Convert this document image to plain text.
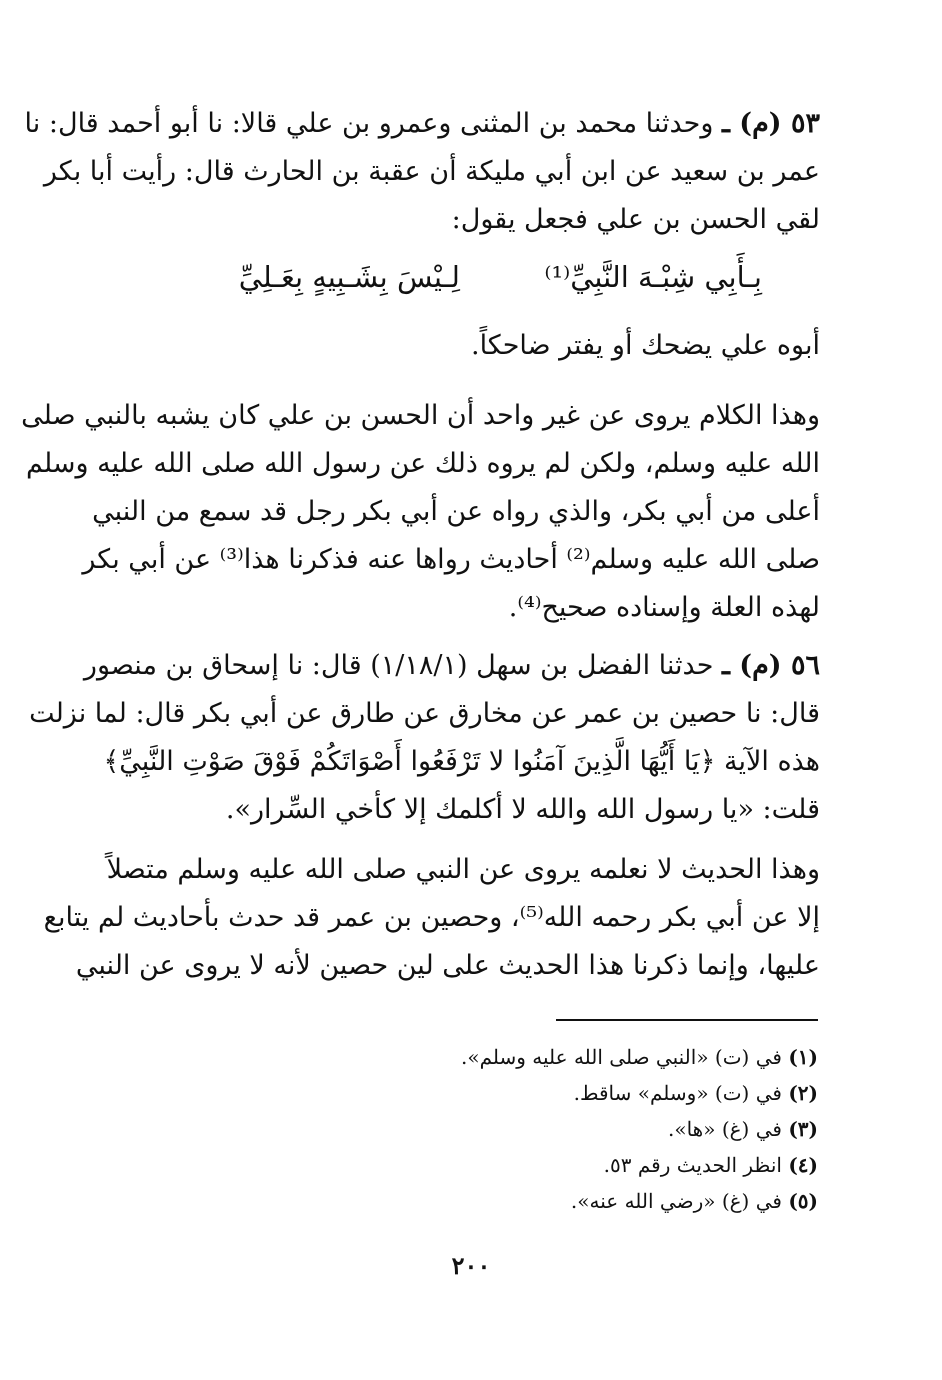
٥٣ (م) ـ وحدثنا محمد بن المثنى وعمرو بن علي قالا: نا أبو أحمد قال: نا
عمر بن سعيد عن ابن أبي مليكة أن عقبة بن الحارث قال: رأيت أبا بكر
لقي الحسن بن علي فجعل يقول:
بِـأَبِي شِبْـهَ النَّبِيِّ⁽¹⁾
لِـيْسَ بِشَـبِيهٍ بِعَـلِيِّ
أبوه علي يضحك أو يفتر ضاحكاً.
وهذا الكلام يروى عن غير واحد أن الحسن بن علي كان يشبه بالنبي صلى
الله عليه وسلم، ولكن لم يروه ذلك عن رسول الله صلى الله عليه وسلم
أعلى من أبي بكر، والذي رواه عن أبي بكر رجل قد سمع من النبي
صلى الله عليه وسلم⁽²⁾ أحاديث رواها عنه فذكرنا هذا⁽³⁾ عن أبي بكر
لهذه العلة وإسناده صحيح⁽⁴⁾.
٥٦ (م) ـ حدثنا الفضل بن سهل (١/١٨/١) قال: نا إسحاق بن منصور
قال: نا حصين بن عمر عن مخارق عن طارق عن أبي بكر قال: لما نزلت
هذه الآية ﴿يَا أَيُّهَا الَّذِينَ آمَنُوا لا تَرْفَعُوا أَصْوَاتَكُمْ فَوْقَ صَوْتِ النَّبِيِّ﴾
قلت: «يا رسول الله والله لا أكلمك إلا كأخي السِّرار».
وهذا الحديث لا نعلمه يروى عن النبي صلى الله عليه وسلم متصلاً
إلا عن أبي بكر رحمه الله⁽⁵⁾، وحصين بن عمر قد حدث بأحاديث لم يتابع
عليها، وإنما ذكرنا هذا الحديث على لين حصين لأنه لا يروى عن النبي
(١) في (ت) «النبي صلى الله عليه وسلم».
(٢) في (ت) «وسلم» ساقط.
(٣) في (غ) «ها».
(٤) انظر الحديث رقم ٥٣.
(٥) في (غ) «رضي الله عنه».
٢٠٠
